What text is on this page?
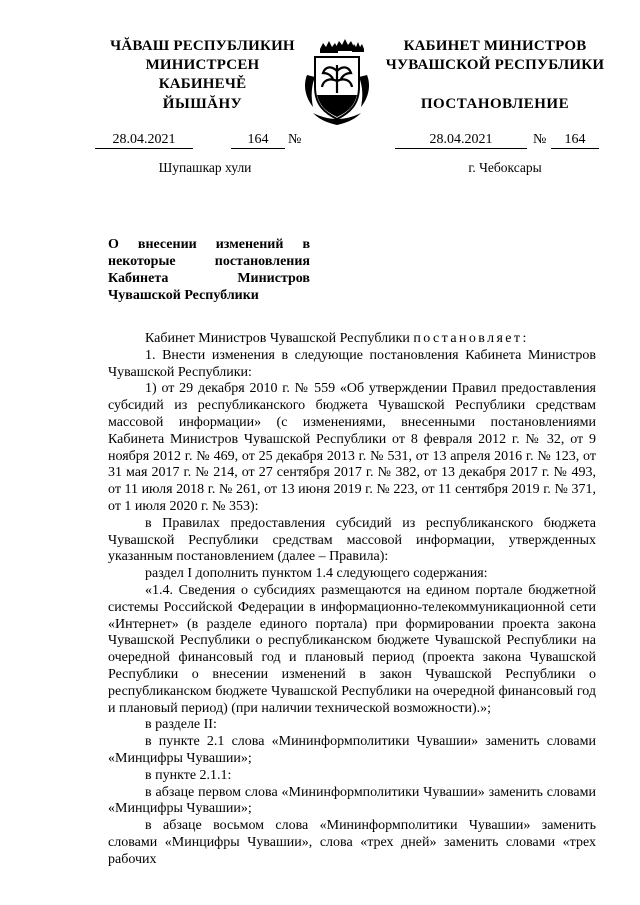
ЧĂВАШ РЕСПУБЛИКИН
МИНИСТРСЕН КАБИНЕЧĚ
ЙЫШĂНУ
КАБИНЕТ МИНИСТРОВ
ЧУВАШСКОЙ РЕСПУБЛИКИ
ПОСТАНОВЛЕНИЕ
28.04.2021	164	№	28.04.2021	№	164
Шупашкар хули	г. Чебоксары
О внесении изменений в некоторые постановления Кабинета Министров Чувашской Республики

Кабинет Министров Чувашской Республики постановляет:

1. Внести изменения в следующие постановления Кабинета Министров Чувашской Республики:

1) от 29 декабря 2010 г. № 559 «Об утверждении Правил предоставления субсидий из республиканского бюджета Чувашской Республики средствам массовой информации» (с изменениями, внесенными постановлениями Кабинета Министров Чувашской Республики от 8 февраля 2012 г. № 32, от 9 ноября 2012 г. № 469, от 25 декабря 2013 г. № 531, от 13 апреля 2016 г. № 123, от 31 мая 2017 г. № 214, от 27 сентября 2017 г. № 382, от 13 декабря 2017 г. № 493, от 11 июля 2018 г. № 261, от 13 июня 2019 г. № 223, от 11 сентября 2019 г. № 371, от 1 июля 2020 г. № 353):

в Правилах предоставления субсидий из республиканского бюджета Чувашской Республики средствам массовой информации, утвержденных указанным постановлением (далее – Правила):

раздел I дополнить пунктом 1.4 следующего содержания:

«1.4. Сведения о субсидиях размещаются на едином портале бюджетной системы Российской Федерации в информационно-телекоммуникационной сети «Интернет» (в разделе единого портала) при формировании проекта закона Чувашской Республики о республиканском бюджете Чувашской Республики на очередной финансовый год и плановый период (проекта закона Чувашской Республики о внесении изменений в закон Чувашской Республики о республиканском бюджете Чувашской Республики на очередной финансовый год и плановый период) (при наличии технической возможности).»;

в разделе II:

в пункте 2.1 слова «Мининформполитики Чувашии» заменить словами «Минцифры Чувашии»;

в пункте 2.1.1:

в абзаце первом слова «Мининформполитики Чувашии» заменить словами «Минцифры Чувашии»;

в абзаце восьмом слова «Мининформполитики Чувашии» заменить словами «Минцифры Чувашии», слова «трех дней» заменить словами «трех рабочих
